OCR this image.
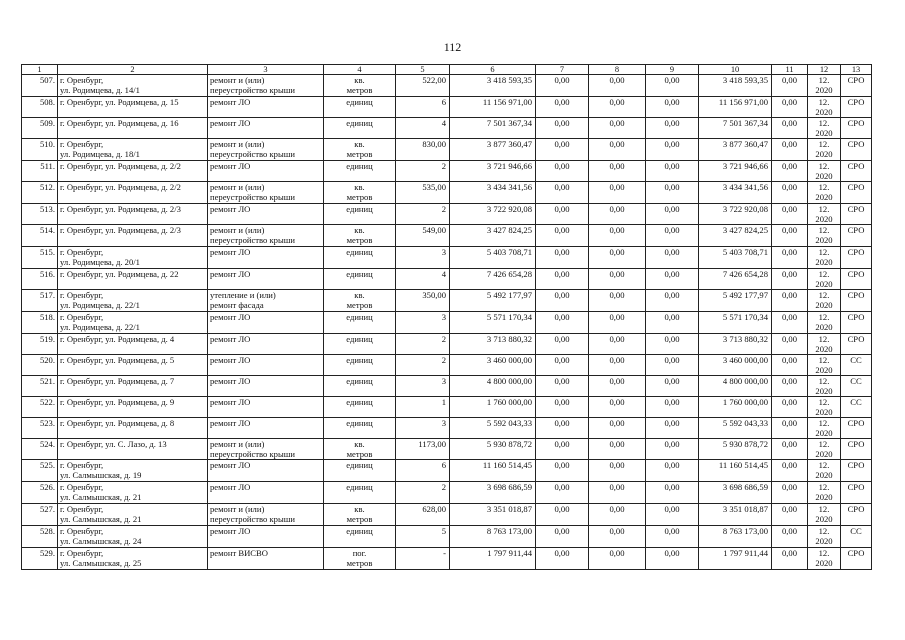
112
1	2	3	4	5	6	7	8	9	10	11	12	13
507.	г. Оренбург,
ул. Родимцева, д. 14/1	ремонт и (или)
переустройство крыши	кв.
метров	522,00	3 418 593,35	0,00	0,00	0,00	3 418 593,35	0,00	12.
2020	СРО
508.	г. Оренбург, ул. Родимцева, д. 15	ремонт ЛО	единиц	6	11 156 971,00	0,00	0,00	0,00	11 156 971,00	0,00	12.
2020	СРО
509.	г. Оренбург, ул. Родимцева, д. 16	ремонт ЛО	единиц	4	7 501 367,34	0,00	0,00	0,00	7 501 367,34	0,00	12.
2020	СРО
510.	г. Оренбург,
ул. Родимцева, д. 18/1	ремонт и (или)
переустройство крыши	кв.
метров	830,00	3 877 360,47	0,00	0,00	0,00	3 877 360,47	0,00	12.
2020	СРО
511.	г. Оренбург, ул. Родимцева, д. 2/2	ремонт ЛО	единиц	2	3 721 946,66	0,00	0,00	0,00	3 721 946,66	0,00	12.
2020	СРО
512.	г. Оренбург, ул. Родимцева, д. 2/2	ремонт и (или)
переустройство крыши	кв.
метров	535,00	3 434 341,56	0,00	0,00	0,00	3 434 341,56	0,00	12.
2020	СРО
513.	г. Оренбург, ул. Родимцева, д. 2/3	ремонт ЛО	единиц	2	3 722 920,08	0,00	0,00	0,00	3 722 920,08	0,00	12.
2020	СРО
514.	г. Оренбург, ул. Родимцева, д. 2/3	ремонт и (или)
переустройство крыши	кв.
метров	549,00	3 427 824,25	0,00	0,00	0,00	3 427 824,25	0,00	12.
2020	СРО
515.	г. Оренбург,
ул. Родимцева, д. 20/1	ремонт ЛО	единиц	3	5 403 708,71	0,00	0,00	0,00	5 403 708,71	0,00	12.
2020	СРО
516.	г. Оренбург, ул. Родимцева, д. 22	ремонт ЛО	единиц	4	7 426 654,28	0,00	0,00	0,00	7 426 654,28	0,00	12.
2020	СРО
517.	г. Оренбург,
ул. Родимцева, д. 22/1	утепление и (или)
ремонт фасада	кв.
метров	350,00	5 492 177,97	0,00	0,00	0,00	5 492 177,97	0,00	12.
2020	СРО
518.	г. Оренбург,
ул. Родимцева, д. 22/1	ремонт ЛО	единиц	3	5 571 170,34	0,00	0,00	0,00	5 571 170,34	0,00	12.
2020	СРО
519.	г. Оренбург, ул. Родимцева, д. 4	ремонт ЛО	единиц	2	3 713 880,32	0,00	0,00	0,00	3 713 880,32	0,00	12.
2020	СРО
520.	г. Оренбург, ул. Родимцева, д. 5	ремонт ЛО	единиц	2	3 460 000,00	0,00	0,00	0,00	3 460 000,00	0,00	12.
2020	СС
521.	г. Оренбург, ул. Родимцева, д. 7	ремонт ЛО	единиц	3	4 800 000,00	0,00	0,00	0,00	4 800 000,00	0,00	12.
2020	СС
522.	г. Оренбург, ул. Родимцева, д. 9	ремонт ЛО	единиц	1	1 760 000,00	0,00	0,00	0,00	1 760 000,00	0,00	12.
2020	СС
523.	г. Оренбург, ул. Родимцева, д. 8	ремонт ЛО	единиц	3	5 592 043,33	0,00	0,00	0,00	5 592 043,33	0,00	12.
2020	СРО
524.	г. Оренбург, ул. С. Лазо, д. 13	ремонт и (или)
переустройство крыши	кв.
метров	1173,00	5 930 878,72	0,00	0,00	0,00	5 930 878,72	0,00	12.
2020	СРО
525.	г. Оренбург,
ул. Салмышская, д. 19	ремонт ЛО	единиц	6	11 160 514,45	0,00	0,00	0,00	11 160 514,45	0,00	12.
2020	СРО
526.	г. Оренбург,
ул. Салмышская, д. 21	ремонт ЛО	единиц	2	3 698 686,59	0,00	0,00	0,00	3 698 686,59	0,00	12.
2020	СРО
527.	г. Оренбург,
ул. Салмышская, д. 21	ремонт и (или)
переустройство крыши	кв.
метров	628,00	3 351 018,87	0,00	0,00	0,00	3 351 018,87	0,00	12.
2020	СРО
528.	г. Оренбург,
ул. Салмышская, д. 24	ремонт ЛО	единиц	5	8 763 173,00	0,00	0,00	0,00	8 763 173,00	0,00	12.
2020	СС
529.	г. Оренбург,
ул. Салмышская, д. 25	ремонт ВИСВО	пог.
метров	-	1 797 911,44	0,00	0,00	0,00	1 797 911,44	0,00	12.
2020	СРО
